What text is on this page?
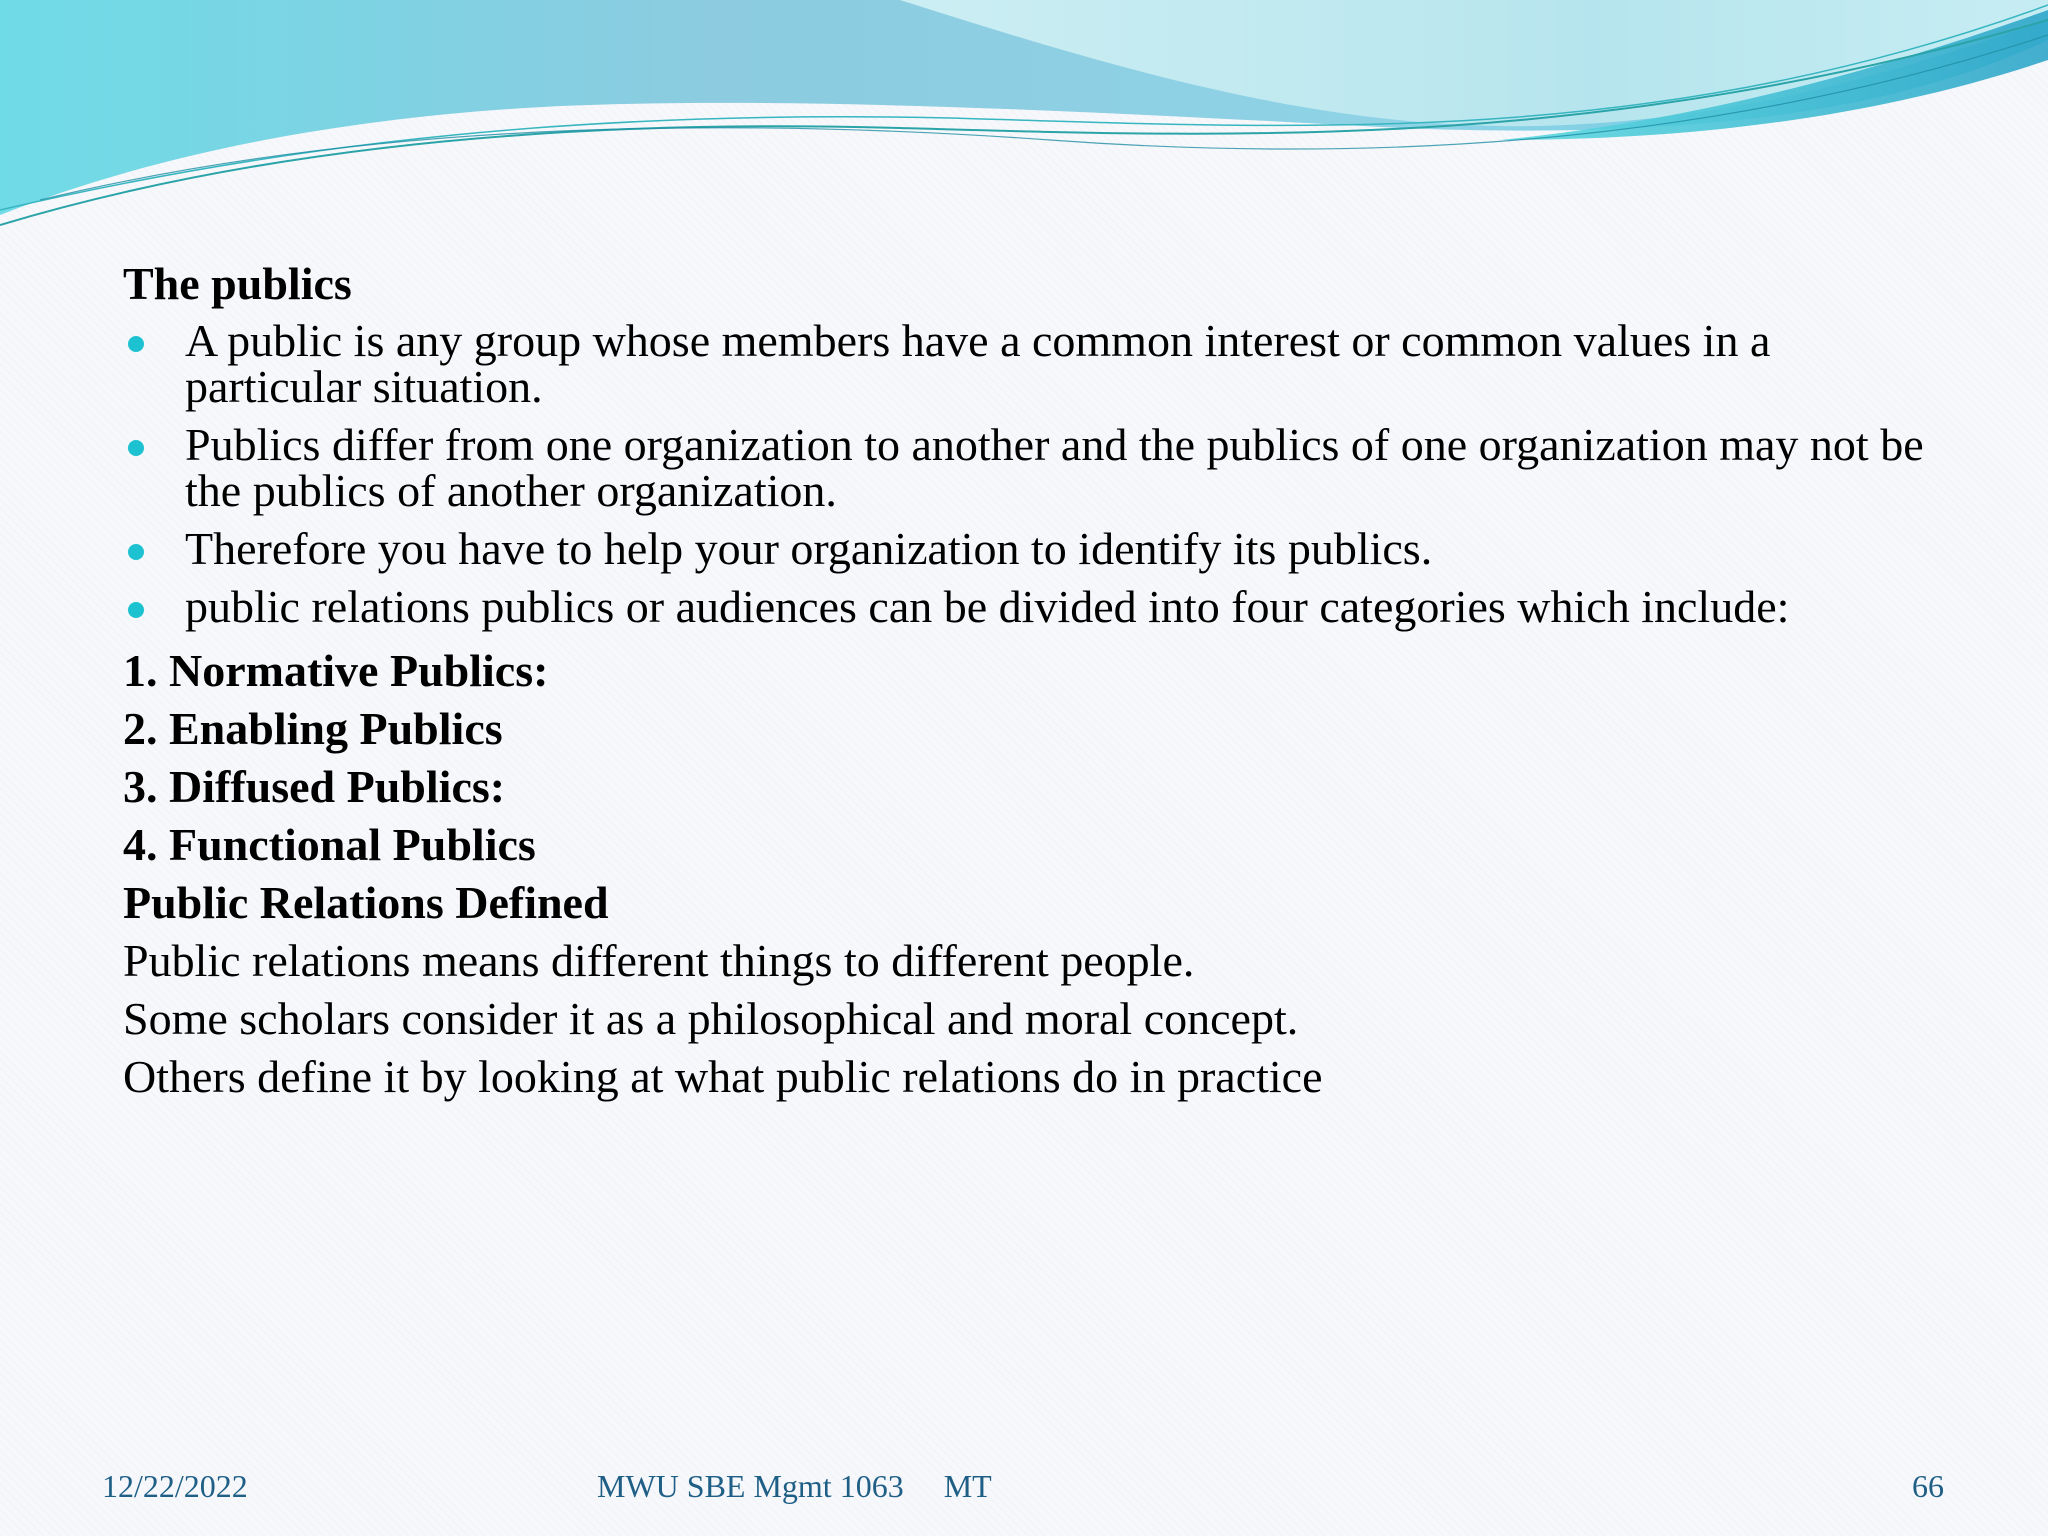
The publics

A public is any group whose members have a common interest or common values in a particular situation.
Publics differ from one organization to another and the publics of one organization may not be the publics of another organization.
Therefore you have to help your organization to identify its publics.
public relations publics or audiences can be divided into four categories which include:

1. Normative Publics:

2. Enabling Publics

3. Diffused Publics:

4. Functional Publics

Public Relations Defined

Public relations means different things to different people.

Some scholars consider it as a philosophical and moral concept.

Others define it by looking at what public relations do in practice

12/22/2022	MWU SBE Mgmt 1063 MT	66
